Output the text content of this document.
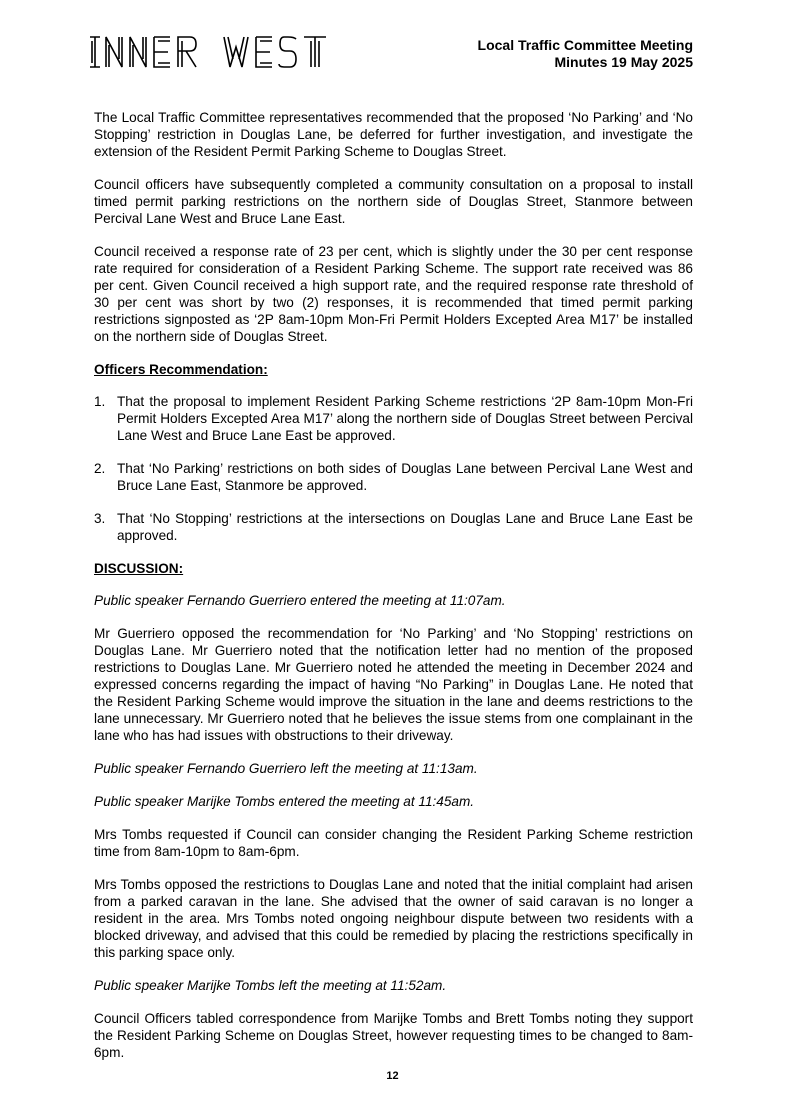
Local Traffic Committee Meeting
Minutes 19 May 2025

The Local Traffic Committee representatives recommended that the proposed ‘No Parking’ and ‘No Stopping’ restriction in Douglas Lane, be deferred for further investigation, and investigate the extension of the Resident Permit Parking Scheme to Douglas Street.

Council officers have subsequently completed a community consultation on a proposal to install timed permit parking restrictions on the northern side of Douglas Street, Stanmore between Percival Lane West and Bruce Lane East.

Council received a response rate of 23 per cent, which is slightly under the 30 per cent response rate required for consideration of a Resident Parking Scheme. The support rate received was 86 per cent. Given Council received a high support rate, and the required response rate threshold of 30 per cent was short by two (2) responses, it is recommended that timed permit parking restrictions signposted as ‘2P 8am-10pm Mon-Fri Permit Holders Excepted Area M17’ be installed on the northern side of Douglas Street.

Officers Recommendation:

1. That the proposal to implement Resident Parking Scheme restrictions ‘2P 8am-10pm Mon-Fri Permit Holders Excepted Area M17’ along the northern side of Douglas Street between Percival Lane West and Bruce Lane East be approved.
2. That ‘No Parking’ restrictions on both sides of Douglas Lane between Percival Lane West and Bruce Lane East, Stanmore be approved.
3. That ‘No Stopping’ restrictions at the intersections on Douglas Lane and Bruce Lane East be approved.

DISCUSSION:

Public speaker Fernando Guerriero entered the meeting at 11:07am.

Mr Guerriero opposed the recommendation for ‘No Parking’ and ‘No Stopping’ restrictions on Douglas Lane. Mr Guerriero noted that the notification letter had no mention of the proposed restrictions to Douglas Lane. Mr Guerriero noted he attended the meeting in December 2024 and expressed concerns regarding the impact of having “No Parking” in Douglas Lane. He noted that the Resident Parking Scheme would improve the situation in the lane and deems restrictions to the lane unnecessary. Mr Guerriero noted that he believes the issue stems from one complainant in the lane who has had issues with obstructions to their driveway.

Public speaker Fernando Guerriero left the meeting at 11:13am.

Public speaker Marijke Tombs entered the meeting at 11:45am.

Mrs Tombs requested if Council can consider changing the Resident Parking Scheme restriction time from 8am-10pm to 8am-6pm.

Mrs Tombs opposed the restrictions to Douglas Lane and noted that the initial complaint had arisen from a parked caravan in the lane. She advised that the owner of said caravan is no longer a resident in the area. Mrs Tombs noted ongoing neighbour dispute between two residents with a blocked driveway, and advised that this could be remedied by placing the restrictions specifically in this parking space only.

Public speaker Marijke Tombs left the meeting at 11:52am.

Council Officers tabled correspondence from Marijke Tombs and Brett Tombs noting they support the Resident Parking Scheme on Douglas Street, however requesting times to be changed to 8am-6pm.

12
